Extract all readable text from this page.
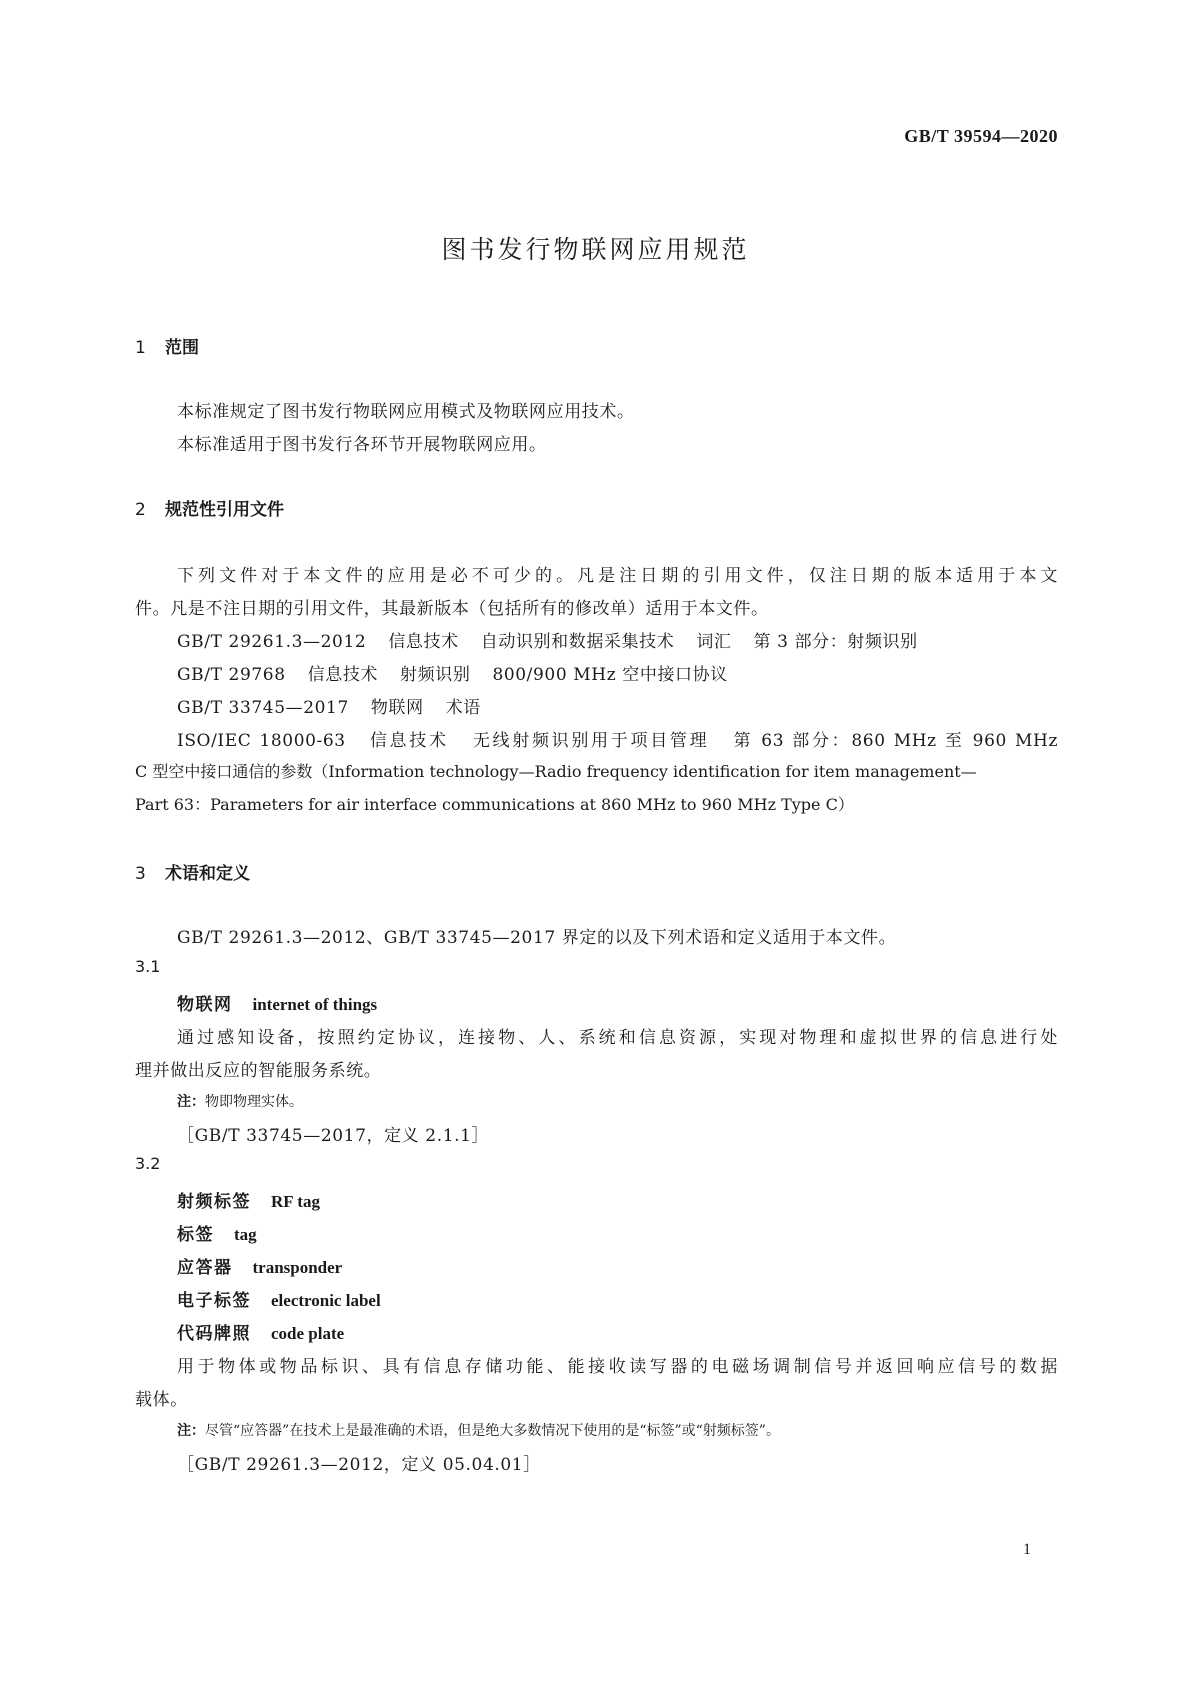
GB/T 39594—2020
图书发行物联网应用规范
1 范围
本标准规定了图书发行物联网应用模式及物联网应用技术。
本标准适用于图书发行各环节开展物联网应用。
2 规范性引用文件
下列文件对于本文件的应用是必不可少的。凡是注日期的引用文件，仅注日期的版本适用于本文
件。凡是不注日期的引用文件，其最新版本（包括所有的修改单）适用于本文件。
GB/T 29261.3—2012 信息技术 自动识别和数据采集技术 词汇 第 3 部分：射频识别
GB/T 29768 信息技术 射频识别 800/900 MHz 空中接口协议
GB/T 33745—2017 物联网 术语
ISO/IEC 18000-63 信息技术 无线射频识别用于项目管理 第 63 部分：860 MHz 至 960 MHz
C 型空中接口通信的参数（Information technology—Radio frequency identification for item management—
Part 63：Parameters for air interface communications at 860 MHz to 960 MHz Type C）
3 术语和定义
GB/T 29261.3—2012、GB/T 33745—2017 界定的以及下列术语和定义适用于本文件。
3.1
物联网 internet of things
通过感知设备，按照约定协议，连接物、人、系统和信息资源，实现对物理和虚拟世界的信息进行处
理并做出反应的智能服务系统。
注：物即物理实体。
［GB/T 33745—2017，定义 2.1.1］
3.2
射频标签 RF tag
标签 tag
应答器 transponder
电子标签 electronic label
代码牌照 code plate
用于物体或物品标识、具有信息存储功能、能接收读写器的电磁场调制信号并返回响应信号的数据
载体。
注：尽管“应答器”在技术上是最准确的术语，但是绝大多数情况下使用的是“标签”或“射频标签”。
［GB/T 29261.3—2012，定义 05.04.01］
1
